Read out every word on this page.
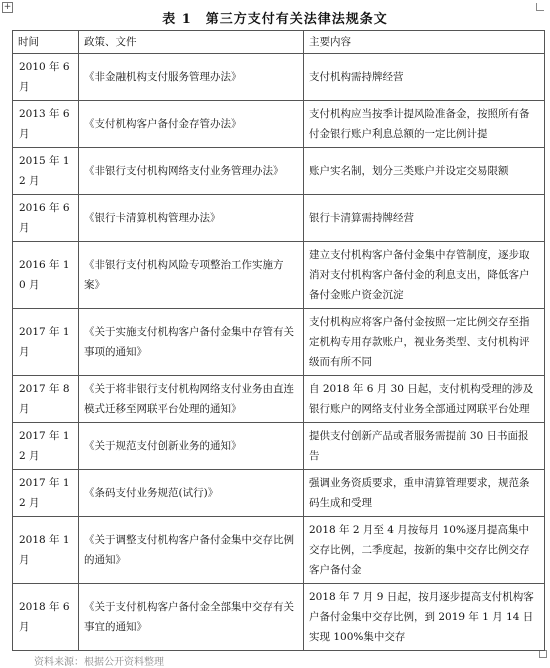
+
表 1　第三方支付有关法律法规条文
时间	政策、文件	主要内容
2010 年 6 月	《非金融机构支付服务管理办法》	支付机构需持牌经营
2013 年 6 月	《支付机构客户备付金存管办法》	支付机构应当按季计提风险准备金，按照所有备付金银行账户利息总额的一定比例计提
2015 年 12 月	《非银行支付机构网络支付业务管理办法》	账户实名制，划分三类账户并设定交易限额
2016 年 6 月	《银行卡清算机构管理办法》	银行卡清算需持牌经营
2016 年 10 月	《非银行支付机构风险专项整治工作实施方案》	建立支付机构客户备付金集中存管制度，逐步取消对支付机构客户备付金的利息支出，降低客户备付金账户资金沉淀
2017 年 1 月	《关于实施支付机构客户备付金集中存管有关事项的通知》	支付机构应将客户备付金按照一定比例交存至指定机构专用存款账户，视业务类型、支付机构评级而有所不同
2017 年 8 月	《关于将非银行支付机构网络支付业务由直连模式迁移至网联平台处理的通知》	自 2018 年 6 月 30 日起，支付机构受理的涉及银行账户的网络支付业务全部通过网联平台处理
2017 年 12 月	《关于规范支付创新业务的通知》	提供支付创新产品或者服务需提前 30 日书面报告
2017 年 12 月	《条码支付业务规范(试行)》	强调业务资质要求，重申清算管理要求，规范条码生成和受理
2018 年 1 月	《关于调整支付机构客户备付金集中交存比例的通知》	2018 年 2 月至 4 月按每月 10%逐月提高集中交存比例，二季度起，按新的集中交存比例交存客户备付金
2018 年 6 月	《关于支付机构客户备付金全部集中交存有关事宜的通知》	2018 年 7 月 9 日起，按月逐步提高支付机构客户备付金集中交存比例，到 2019 年 1 月 14 日实现 100%集中交存
资料来源：根据公开资料整理
